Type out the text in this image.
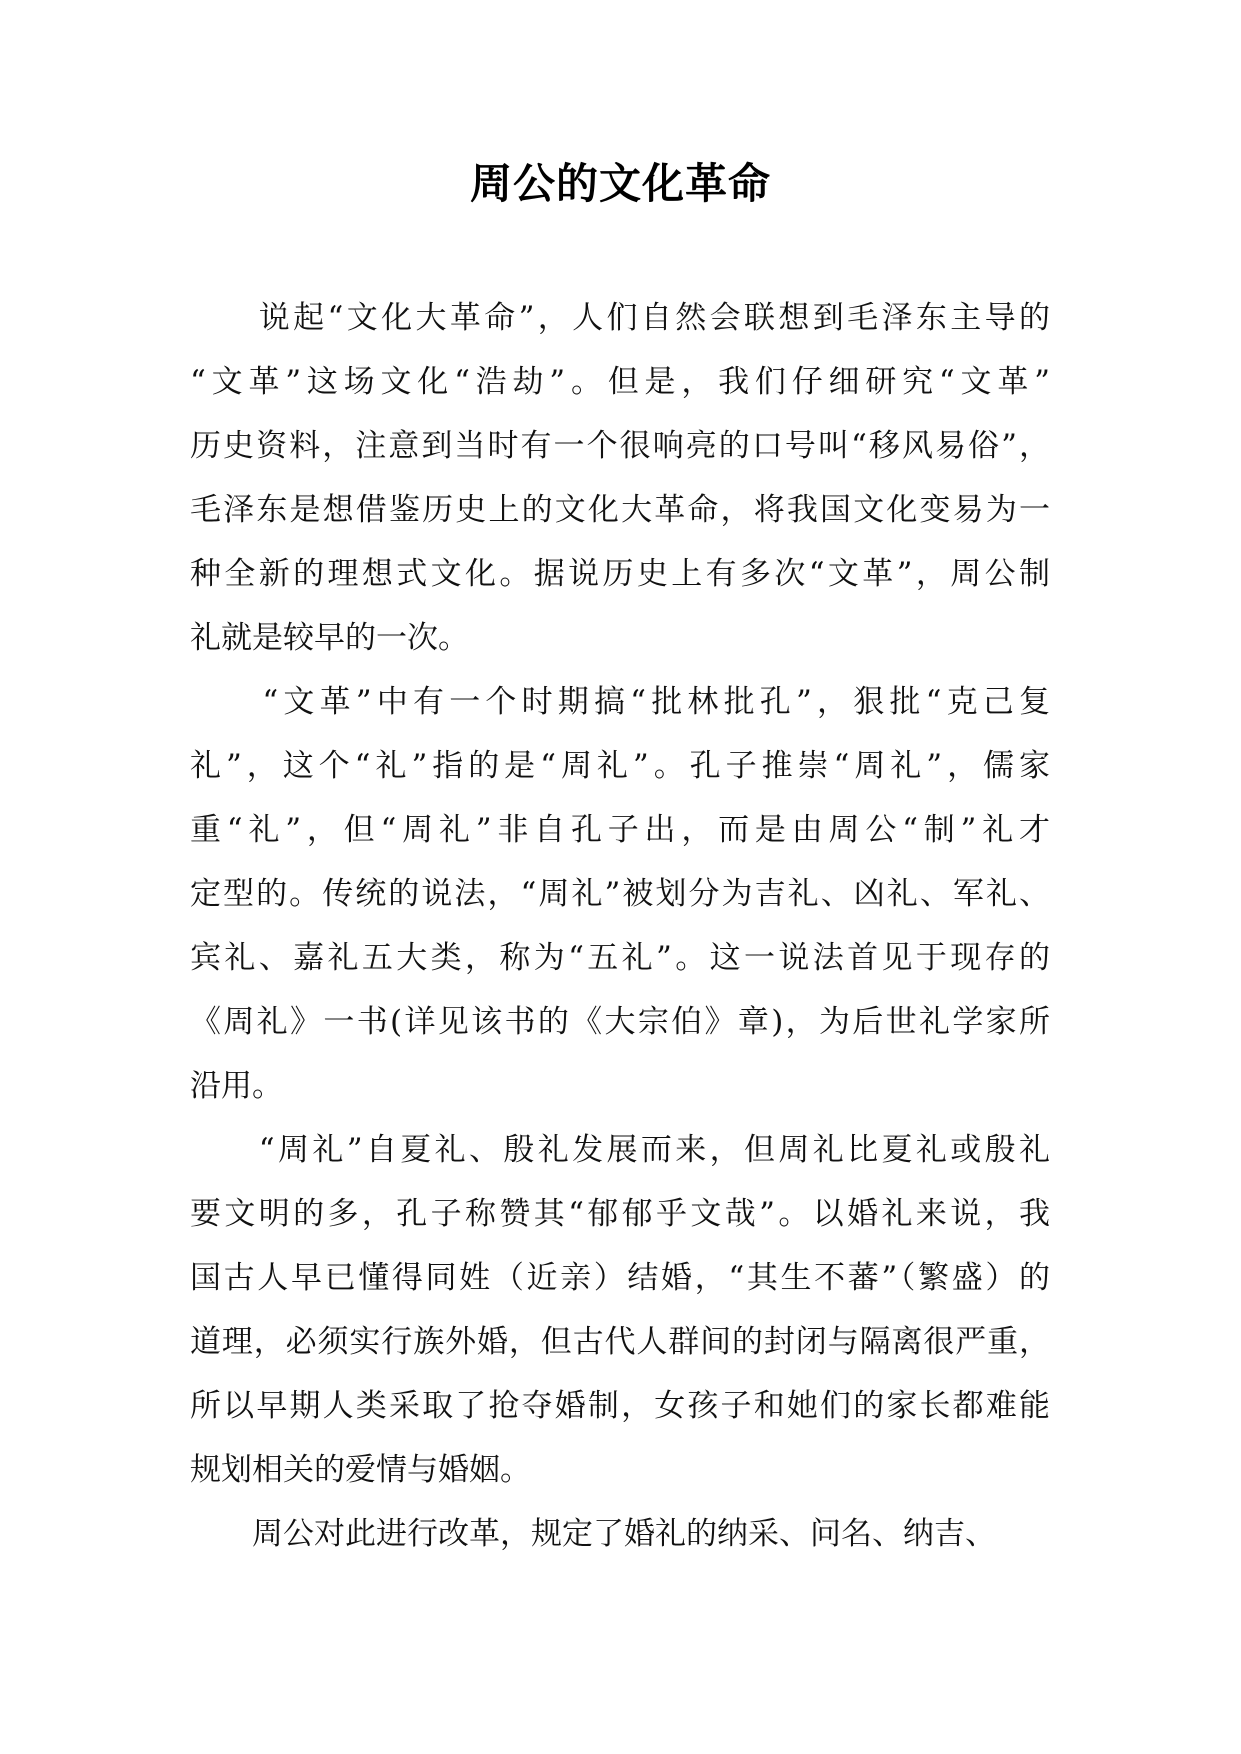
周公的文化革命
　　说起“文化大革命”，人们自然会联想到毛泽东主导的
“文革”这场文化“浩劫”。但是，我们仔细研究“文革”
历史资料，注意到当时有一个很响亮的口号叫“移风易俗”，
毛泽东是想借鉴历史上的文化大革命，将我国文化变易为一
种全新的理想式文化。据说历史上有多次“文革”，周公制
礼就是较早的一次。
　　“文革”中有一个时期搞“批林批孔”，狠批“克己复
礼”，这个“礼”指的是“周礼”。孔子推崇“周礼”，儒家
重“礼”，但“周礼”非自孔子出，而是由周公“制”礼才
定型的。传统的说法，“周礼”被划分为吉礼、凶礼、军礼、
宾礼、嘉礼五大类，称为“五礼”。这一说法首见于现存的
《周礼》一书(详见该书的《大宗伯》章)，为后世礼学家所
沿用。
　　“周礼”自夏礼、殷礼发展而来，但周礼比夏礼或殷礼
要文明的多，孔子称赞其“郁郁乎文哉”。以婚礼来说，我
国古人早已懂得同姓（近亲）结婚，“其生不蕃”（繁盛）的
道理，必须实行族外婚，但古代人群间的封闭与隔离很严重，
所以早期人类采取了抢夺婚制，女孩子和她们的家长都难能
规划相关的爱情与婚姻。
　　周公对此进行改革，规定了婚礼的纳采、问名、纳吉、
